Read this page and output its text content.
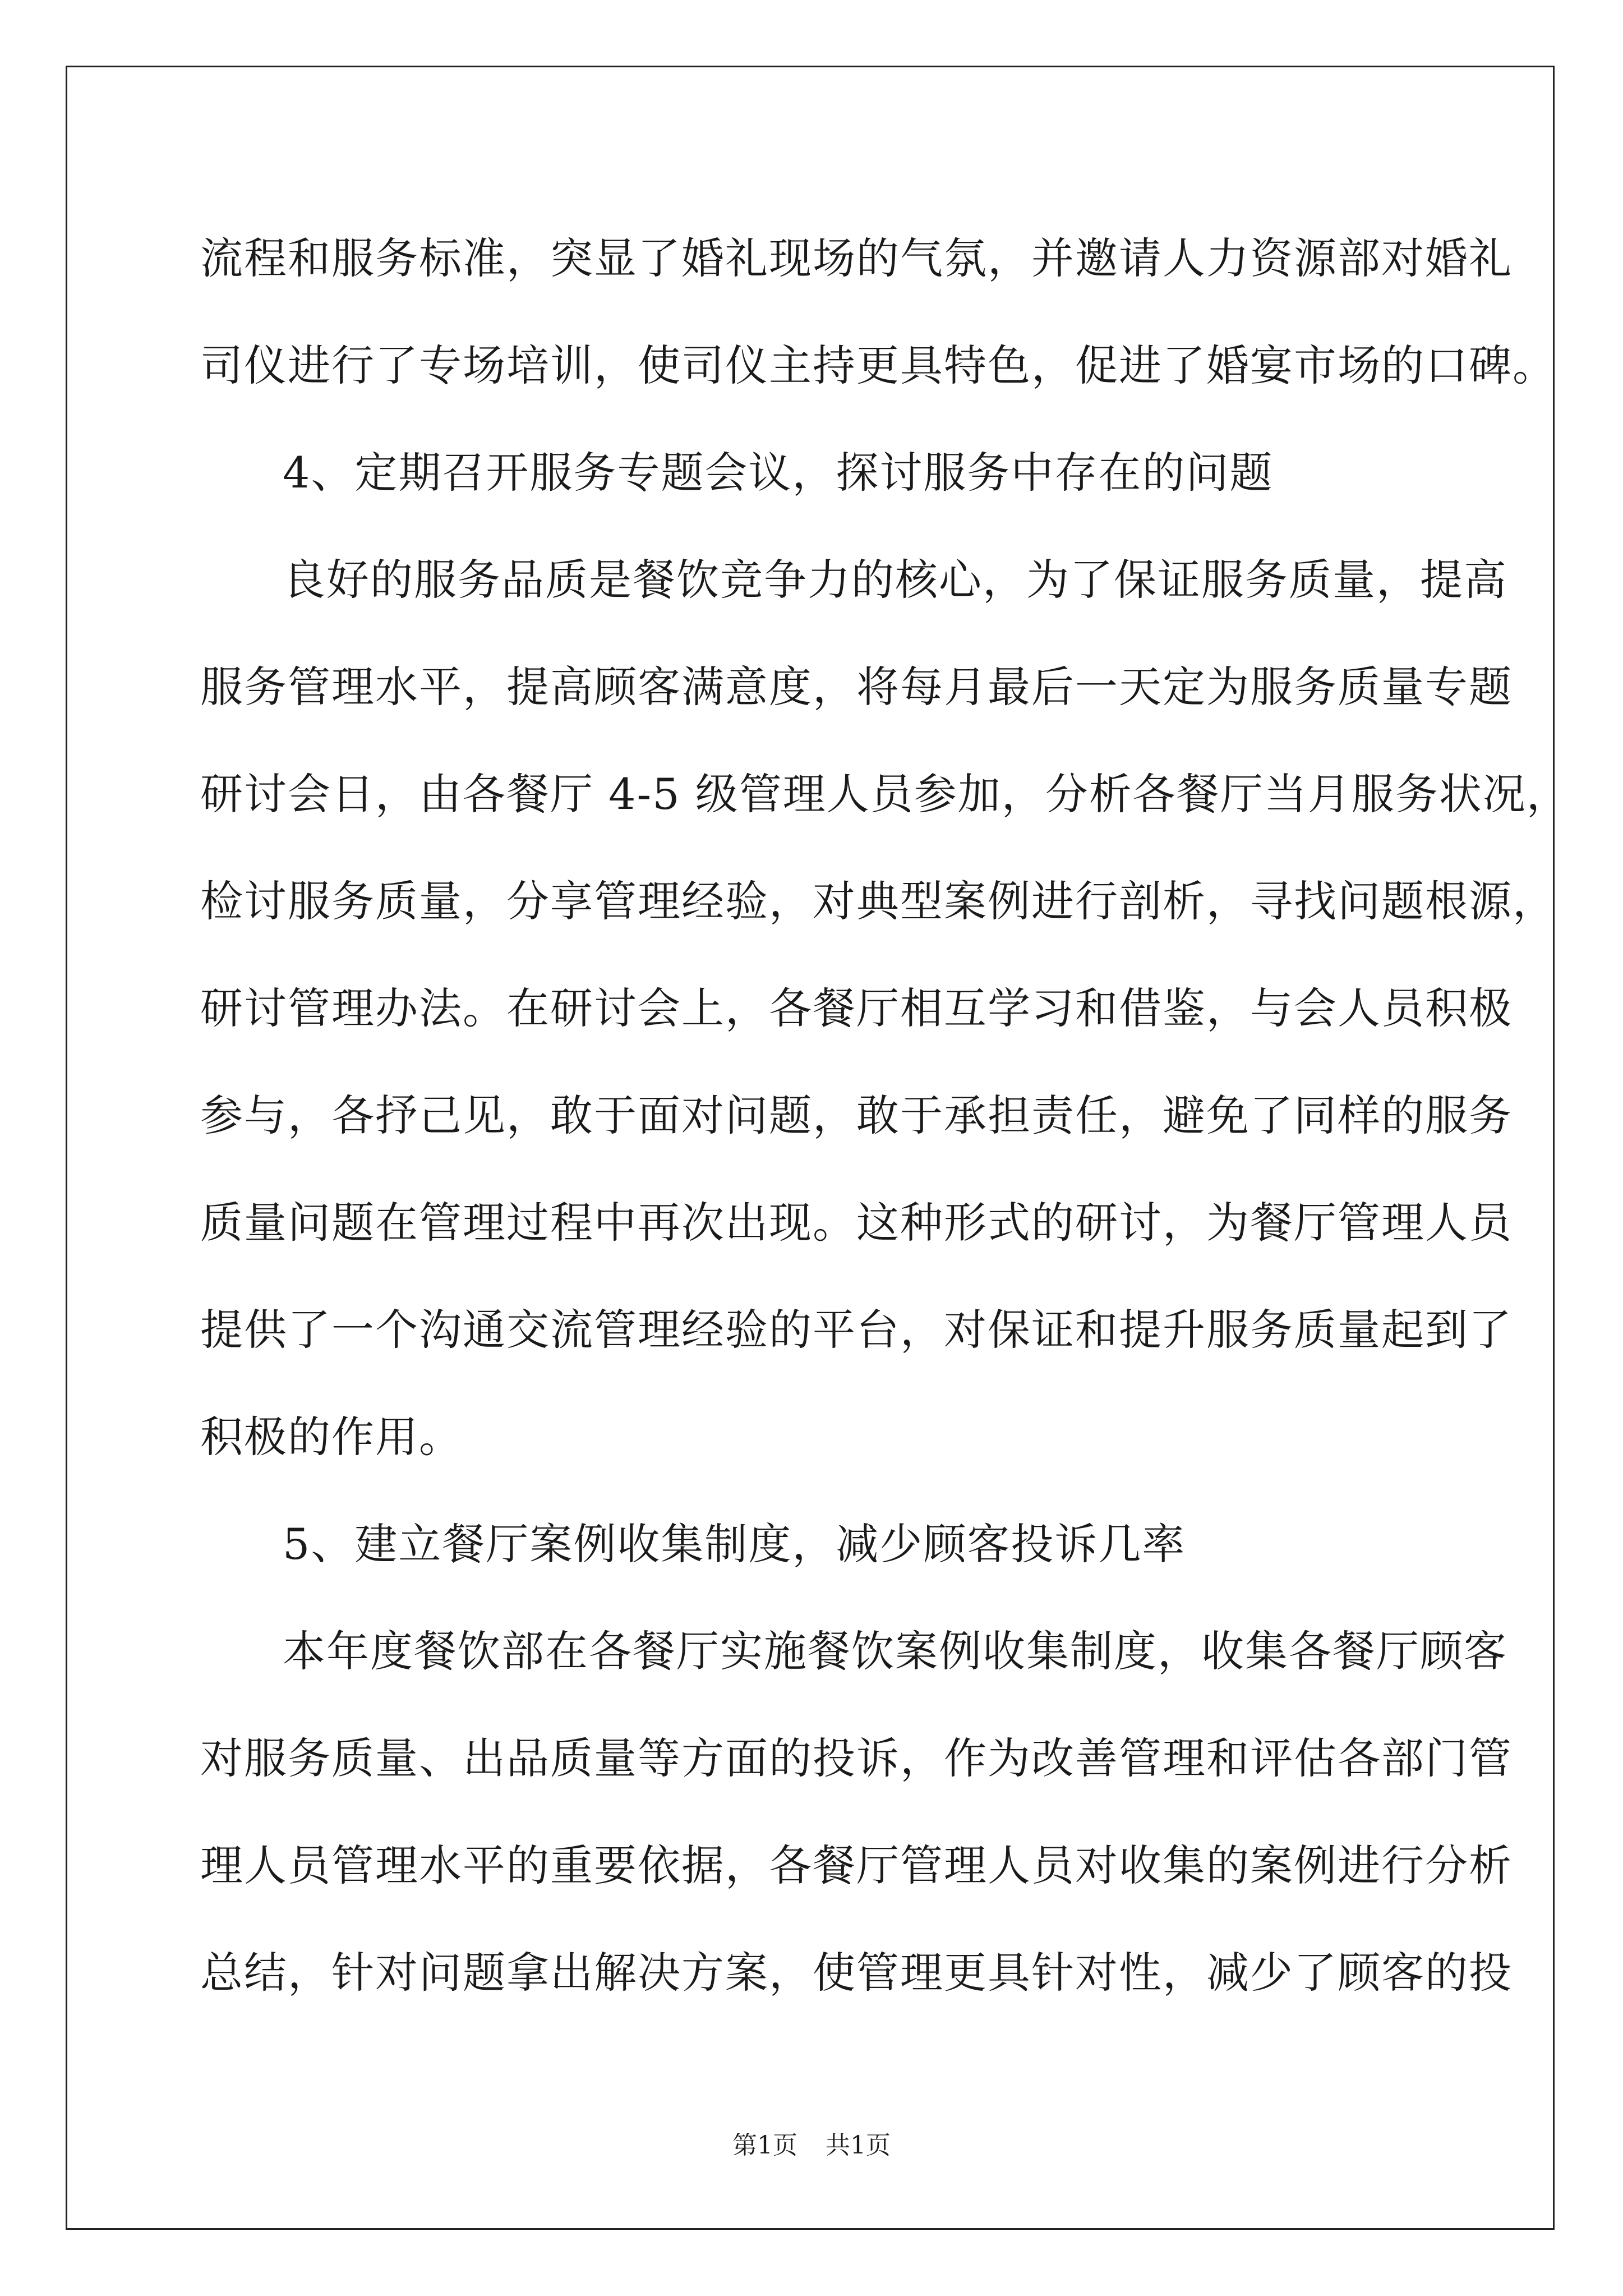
流程和服务标准，突显了婚礼现场的气氛，并邀请人力资源部对婚礼
司仪进行了专场培训，使司仪主持更具特色，促进了婚宴市场的口碑。
4、定期召开服务专题会议，探讨服务中存在的问题
良好的服务品质是餐饮竞争力的核心，为了保证服务质量，提高
服务管理水平，提高顾客满意度，将每月最后一天定为服务质量专题
研讨会日，由各餐厅 4-5 级管理人员参加，分析各餐厅当月服务状况，
检讨服务质量，分享管理经验，对典型案例进行剖析，寻找问题根源，
研讨管理办法。在研讨会上，各餐厅相互学习和借鉴，与会人员积极
参与，各抒己见，敢于面对问题，敢于承担责任，避免了同样的服务
质量问题在管理过程中再次出现。这种形式的研讨，为餐厅管理人员
提供了一个沟通交流管理经验的平台，对保证和提升服务质量起到了
积极的作用。
5、建立餐厅案例收集制度，减少顾客投诉几率
本年度餐饮部在各餐厅实施餐饮案例收集制度，收集各餐厅顾客
对服务质量、出品质量等方面的投诉，作为改善管理和评估各部门管
理人员管理水平的重要依据，各餐厅管理人员对收集的案例进行分析
总结，针对问题拿出解决方案，使管理更具针对性，减少了顾客的投
第1页 共1页
